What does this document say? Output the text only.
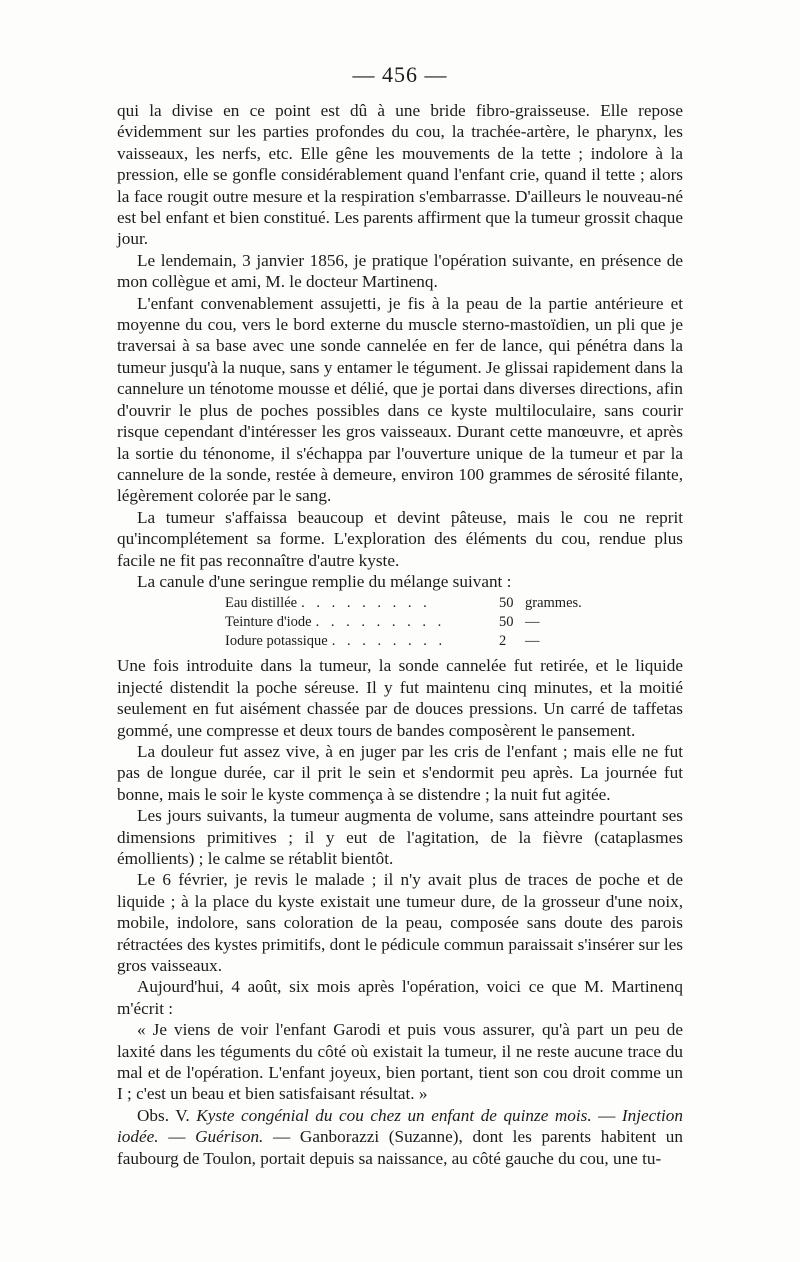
— 456 —

qui la divise en ce point est dû à une bride fibro-graisseuse. Elle repose évidemment sur les parties profondes du cou, la trachée-artère, le pharynx, les vaisseaux, les nerfs, etc. Elle gêne les mouvements de la tette ; indolore à la pression, elle se gonfle considérablement quand l'enfant crie, quand il tette ; alors la face rougit outre mesure et la respiration s'embarrasse. D'ailleurs le nouveau-né est bel enfant et bien constitué. Les parents affirment que la tumeur grossit chaque jour.

Le lendemain, 3 janvier 1856, je pratique l'opération suivante, en présence de mon collègue et ami, M. le docteur Martinenq.

L'enfant convenablement assujetti, je fis à la peau de la partie antérieure et moyenne du cou, vers le bord externe du muscle sterno-mastoïdien, un pli que je traversai à sa base avec une sonde cannelée en fer de lance, qui pénétra dans la tumeur jusqu'à la nuque, sans y entamer le tégument. Je glissai rapidement dans la cannelure un ténotome mousse et délié, que je portai dans diverses directions, afin d'ouvrir le plus de poches possibles dans ce kyste multiloculaire, sans courir risque cependant d'intéresser les gros vaisseaux. Durant cette manœuvre, et après la sortie du ténonome, il s'échappa par l'ouverture unique de la tumeur et par la cannelure de la sonde, restée à demeure, environ 100 grammes de sérosité filante, légèrement colorée par le sang.

La tumeur s'affaissa beaucoup et devint pâteuse, mais le cou ne reprit qu'incomplétement sa forme. L'exploration des éléments du cou, rendue plus facile ne fit pas reconnaître d'autre kyste.

La canule d'une seringue remplie du mélange suivant :

Eau distillée . . . . . . . . .	50 grammes.
Teinture d'iode . . . . . . . . .	50 —
Iodure potassique . . . . . . . .	2	—

Une fois introduite dans la tumeur, la sonde cannelée fut retirée, et le liquide injecté distendit la poche séreuse. Il y fut maintenu cinq minutes, et la moitié seulement en fut aisément chassée par de douces pressions. Un carré de taffetas gommé, une compresse et deux tours de bandes composèrent le pansement.

La douleur fut assez vive, à en juger par les cris de l'enfant ; mais elle ne fut pas de longue durée, car il prit le sein et s'endormit peu après. La journée fut bonne, mais le soir le kyste commença à se distendre ; la nuit fut agitée.

Les jours suivants, la tumeur augmenta de volume, sans atteindre pourtant ses dimensions primitives ; il y eut de l'agitation, de la fièvre (cataplasmes émollients) ; le calme se rétablit bientôt.

Le 6 février, je revis le malade ; il n'y avait plus de traces de poche et de liquide ; à la place du kyste existait une tumeur dure, de la grosseur d'une noix, mobile, indolore, sans coloration de la peau, composée sans doute des parois rétractées des kystes primitifs, dont le pédicule commun paraissait s'insérer sur les gros vaisseaux.

Aujourd'hui, 4 août, six mois après l'opération, voici ce que M. Martinenq m'écrit :

« Je viens de voir l'enfant Garodi et puis vous assurer, qu'à part un peu de laxité dans les téguments du côté où existait la tumeur, il ne reste aucune trace du mal et de l'opération. L'enfant joyeux, bien portant, tient son cou droit comme un I ; c'est un beau et bien satisfaisant résultat. »

Obs. V. Kyste congénial du cou chez un enfant de quinze mois. — Injection iodée. — Guérison. — Ganborazzi (Suzanne), dont les parents habitent un faubourg de Toulon, portait depuis sa naissance, au côté gauche du cou, une tu-
